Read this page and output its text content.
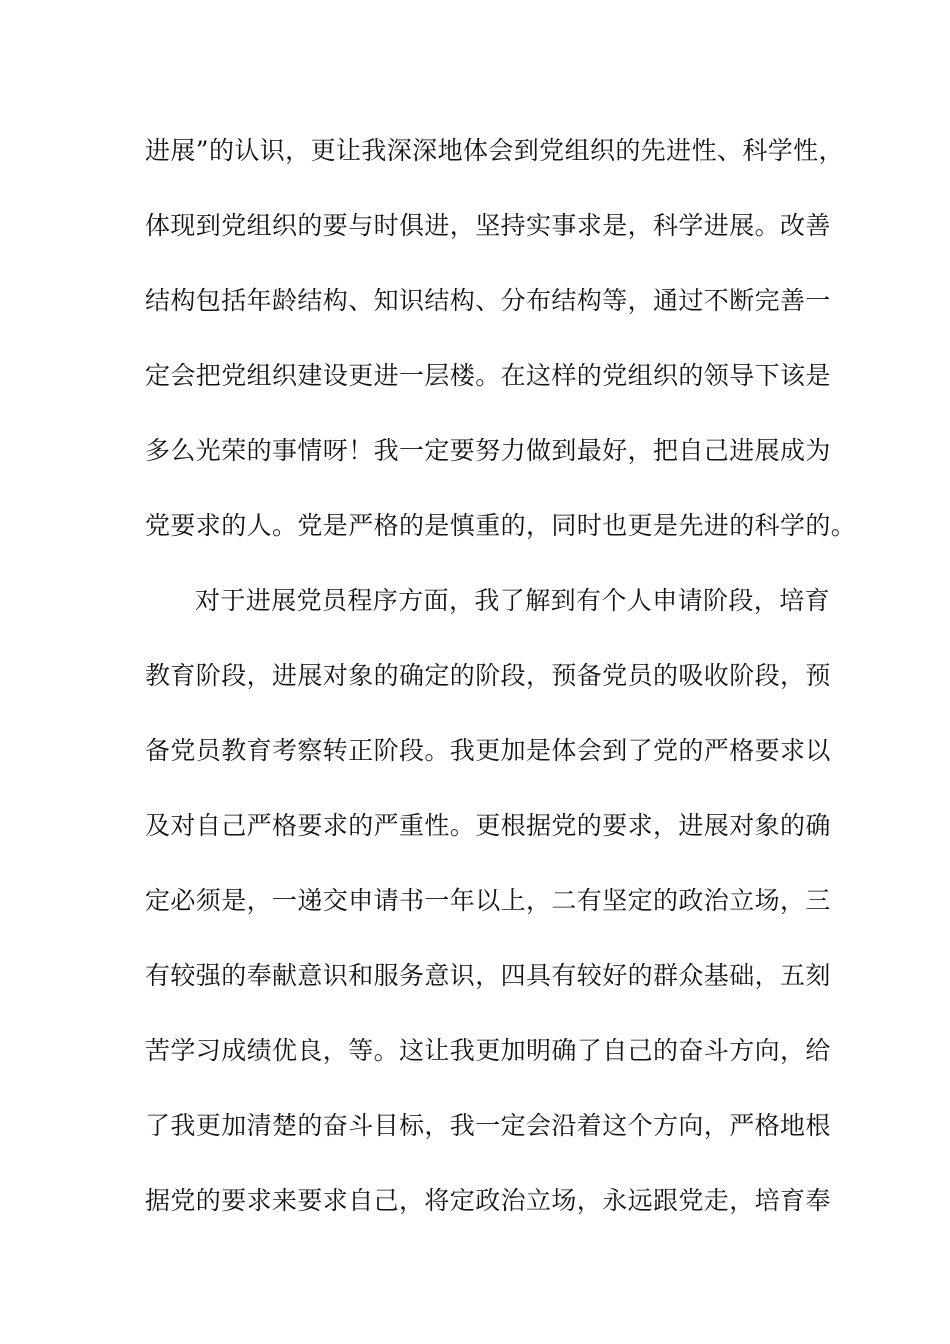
进展”的认识，更让我深深地体会到党组织的先进性、科学性，
体现到党组织的要与时俱进，坚持实事求是，科学进展。改善
结构包括年龄结构、知识结构、分布结构等，通过不断完善一
定会把党组织建设更进一层楼。在这样的党组织的领导下该是
多么光荣的事情呀！我一定要努力做到最好，把自己进展成为
党要求的人。党是严格的是慎重的，同时也更是先进的科学的。
对于进展党员程序方面，我了解到有个人申请阶段，培育
教育阶段，进展对象的确定的阶段，预备党员的吸收阶段，预
备党员教育考察转正阶段。我更加是体会到了党的严格要求以
及对自己严格要求的严重性。更根据党的要求，进展对象的确
定必须是，一递交申请书一年以上，二有坚定的政治立场，三
有较强的奉献意识和服务意识，四具有较好的群众基础，五刻
苦学习成绩优良，等。这让我更加明确了自己的奋斗方向，给
了我更加清楚的奋斗目标，我一定会沿着这个方向，严格地根
据党的要求来要求自己，将定政治立场，永远跟党走，培育奉
